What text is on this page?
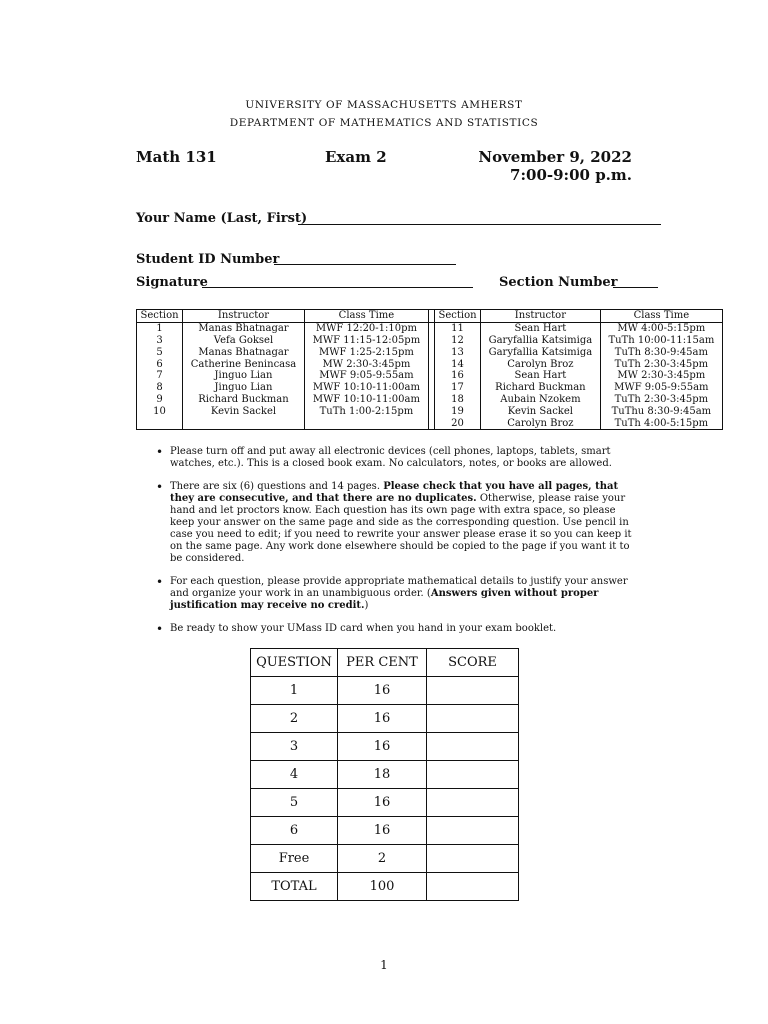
UNIVERSITY OF MASSACHUSETTS AMHERST
DEPARTMENT OF MATHEMATICS AND STATISTICS
Math 131	Exam 2	November 9, 2022
7:00-9:00 p.m.
Your Name (Last, First)
Student ID Number
Signature	Section Number
Section	Instructor	Class Time		Section	Instructor	Class Time
1	Manas Bhatnagar	MWF 12:20-1:10pm		11	Sean Hart	MW 4:00-5:15pm
3	Vefa Goksel	MWF 11:15-12:05pm		12	Garyfallia Katsimiga	TuTh 10:00-11:15am
5	Manas Bhatnagar	MWF 1:25-2:15pm		13	Garyfallia Katsimiga	TuTh 8:30-9:45am
6	Catherine Benincasa	MW 2:30-3:45pm		14	Carolyn Broz	TuTh 2:30-3:45pm
7	Jinguo Lian	MWF 9:05-9:55am		16	Sean Hart	MW 2:30-3:45pm
8	Jinguo Lian	MWF 10:10-11:00am		17	Richard Buckman	MWF 9:05-9:55am
9	Richard Buckman	MWF 10:10-11:00am		18	Aubain Nzokem	TuTh 2:30-3:45pm
10	Kevin Sackel	TuTh 1:00-2:15pm		19	Kevin Sackel	TuThu 8:30-9:45am
				20	Carolyn Broz	TuTh 4:00-5:15pm
• Please turn off and put away all electronic devices (cell phones, laptops, tablets, smart watches, etc.). This is a closed book exam. No calculators, notes, or books are allowed.
• There are six (6) questions and 14 pages. Please check that you have all pages, that they are consecutive, and that there are no duplicates. Otherwise, please raise your hand and let proctors know. Each question has its own page with extra space, so please keep your answer on the same page and side as the corresponding question. Use pencil in case you need to edit; if you need to rewrite your answer please erase it so you can keep it on the same page. Any work done elsewhere should be copied to the page if you want it to be considered.
• For each question, please provide appropriate mathematical details to justify your answer and organize your work in an unambiguous order. (Answers given without proper justification may receive no credit.)
• Be ready to show your UMass ID card when you hand in your exam booklet.
QUESTION	PER CENT	SCORE
1	16	
2	16	
3	16	
4	18	
5	16	
6	16	
Free	2	
TOTAL	100	
1
